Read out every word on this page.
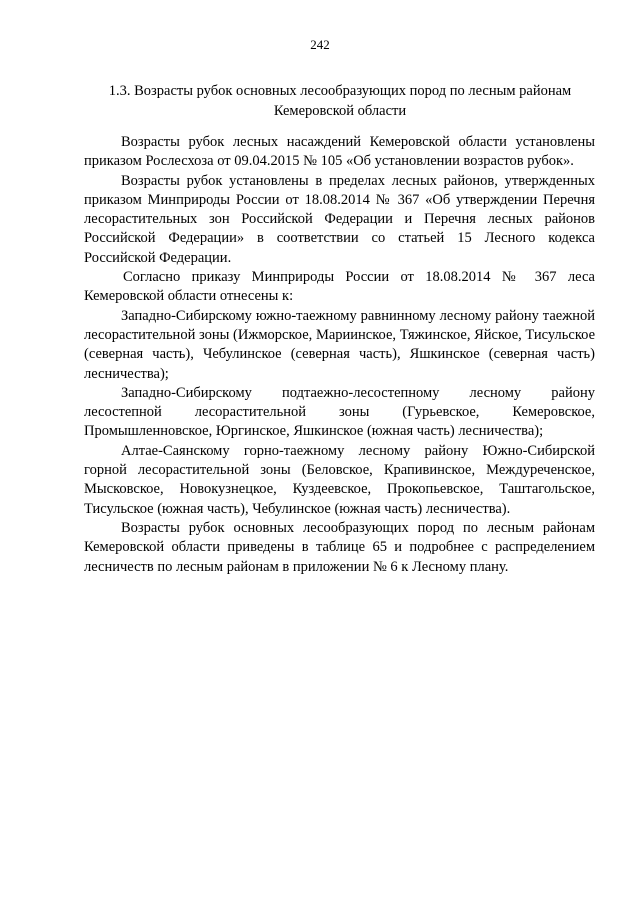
242
1.3. Возрасты рубок основных лесообразующих пород по лесным районам
Кемеровской области

Возрасты рубок лесных насаждений Кемеровской области установлены приказом Рослесхоза от 09.04.2015 № 105 «Об установлении возрастов рубок».

Возрасты рубок установлены в пределах лесных районов, утвержденных приказом Минприроды России от 18.08.2014 № 367 «Об утверждении Перечня лесорастительных зон Российской Федерации и Перечня лесных районов Российской Федерации» в соответствии со статьей 15 Лесного кодекса Российской Федерации.

Согласно приказу Минприроды России от 18.08.2014 № 367 леса Кемеровской области отнесены к:

Западно-Сибирскому южно-таежному равнинному лесному району таежной лесорастительной зоны (Ижморское, Мариинское, Тяжинское, Яйское, Тисульское (северная часть), Чебулинское (северная часть), Яшкинское (северная часть) лесничества);

Западно-Сибирскому подтаежно-лесостепному лесному району лесостепной лесорастительной зоны (Гурьевское, Кемеровское, Промышленновское, Юргинское, Яшкинское (южная часть) лесничества);

Алтае-Саянскому горно-таежному лесному району Южно-Сибирской горной лесорастительной зоны (Беловское, Крапивинское, Междуреченское, Мысковское, Новокузнецкое, Куздеевское, Прокопьевское, Таштагольское, Тисульское (южная часть), Чебулинское (южная часть) лесничества).

Возрасты рубок основных лесообразующих пород по лесным районам Кемеровской области приведены в таблице 65 и подробнее с распределением лесничеств по лесным районам в приложении № 6 к Лесному плану.
